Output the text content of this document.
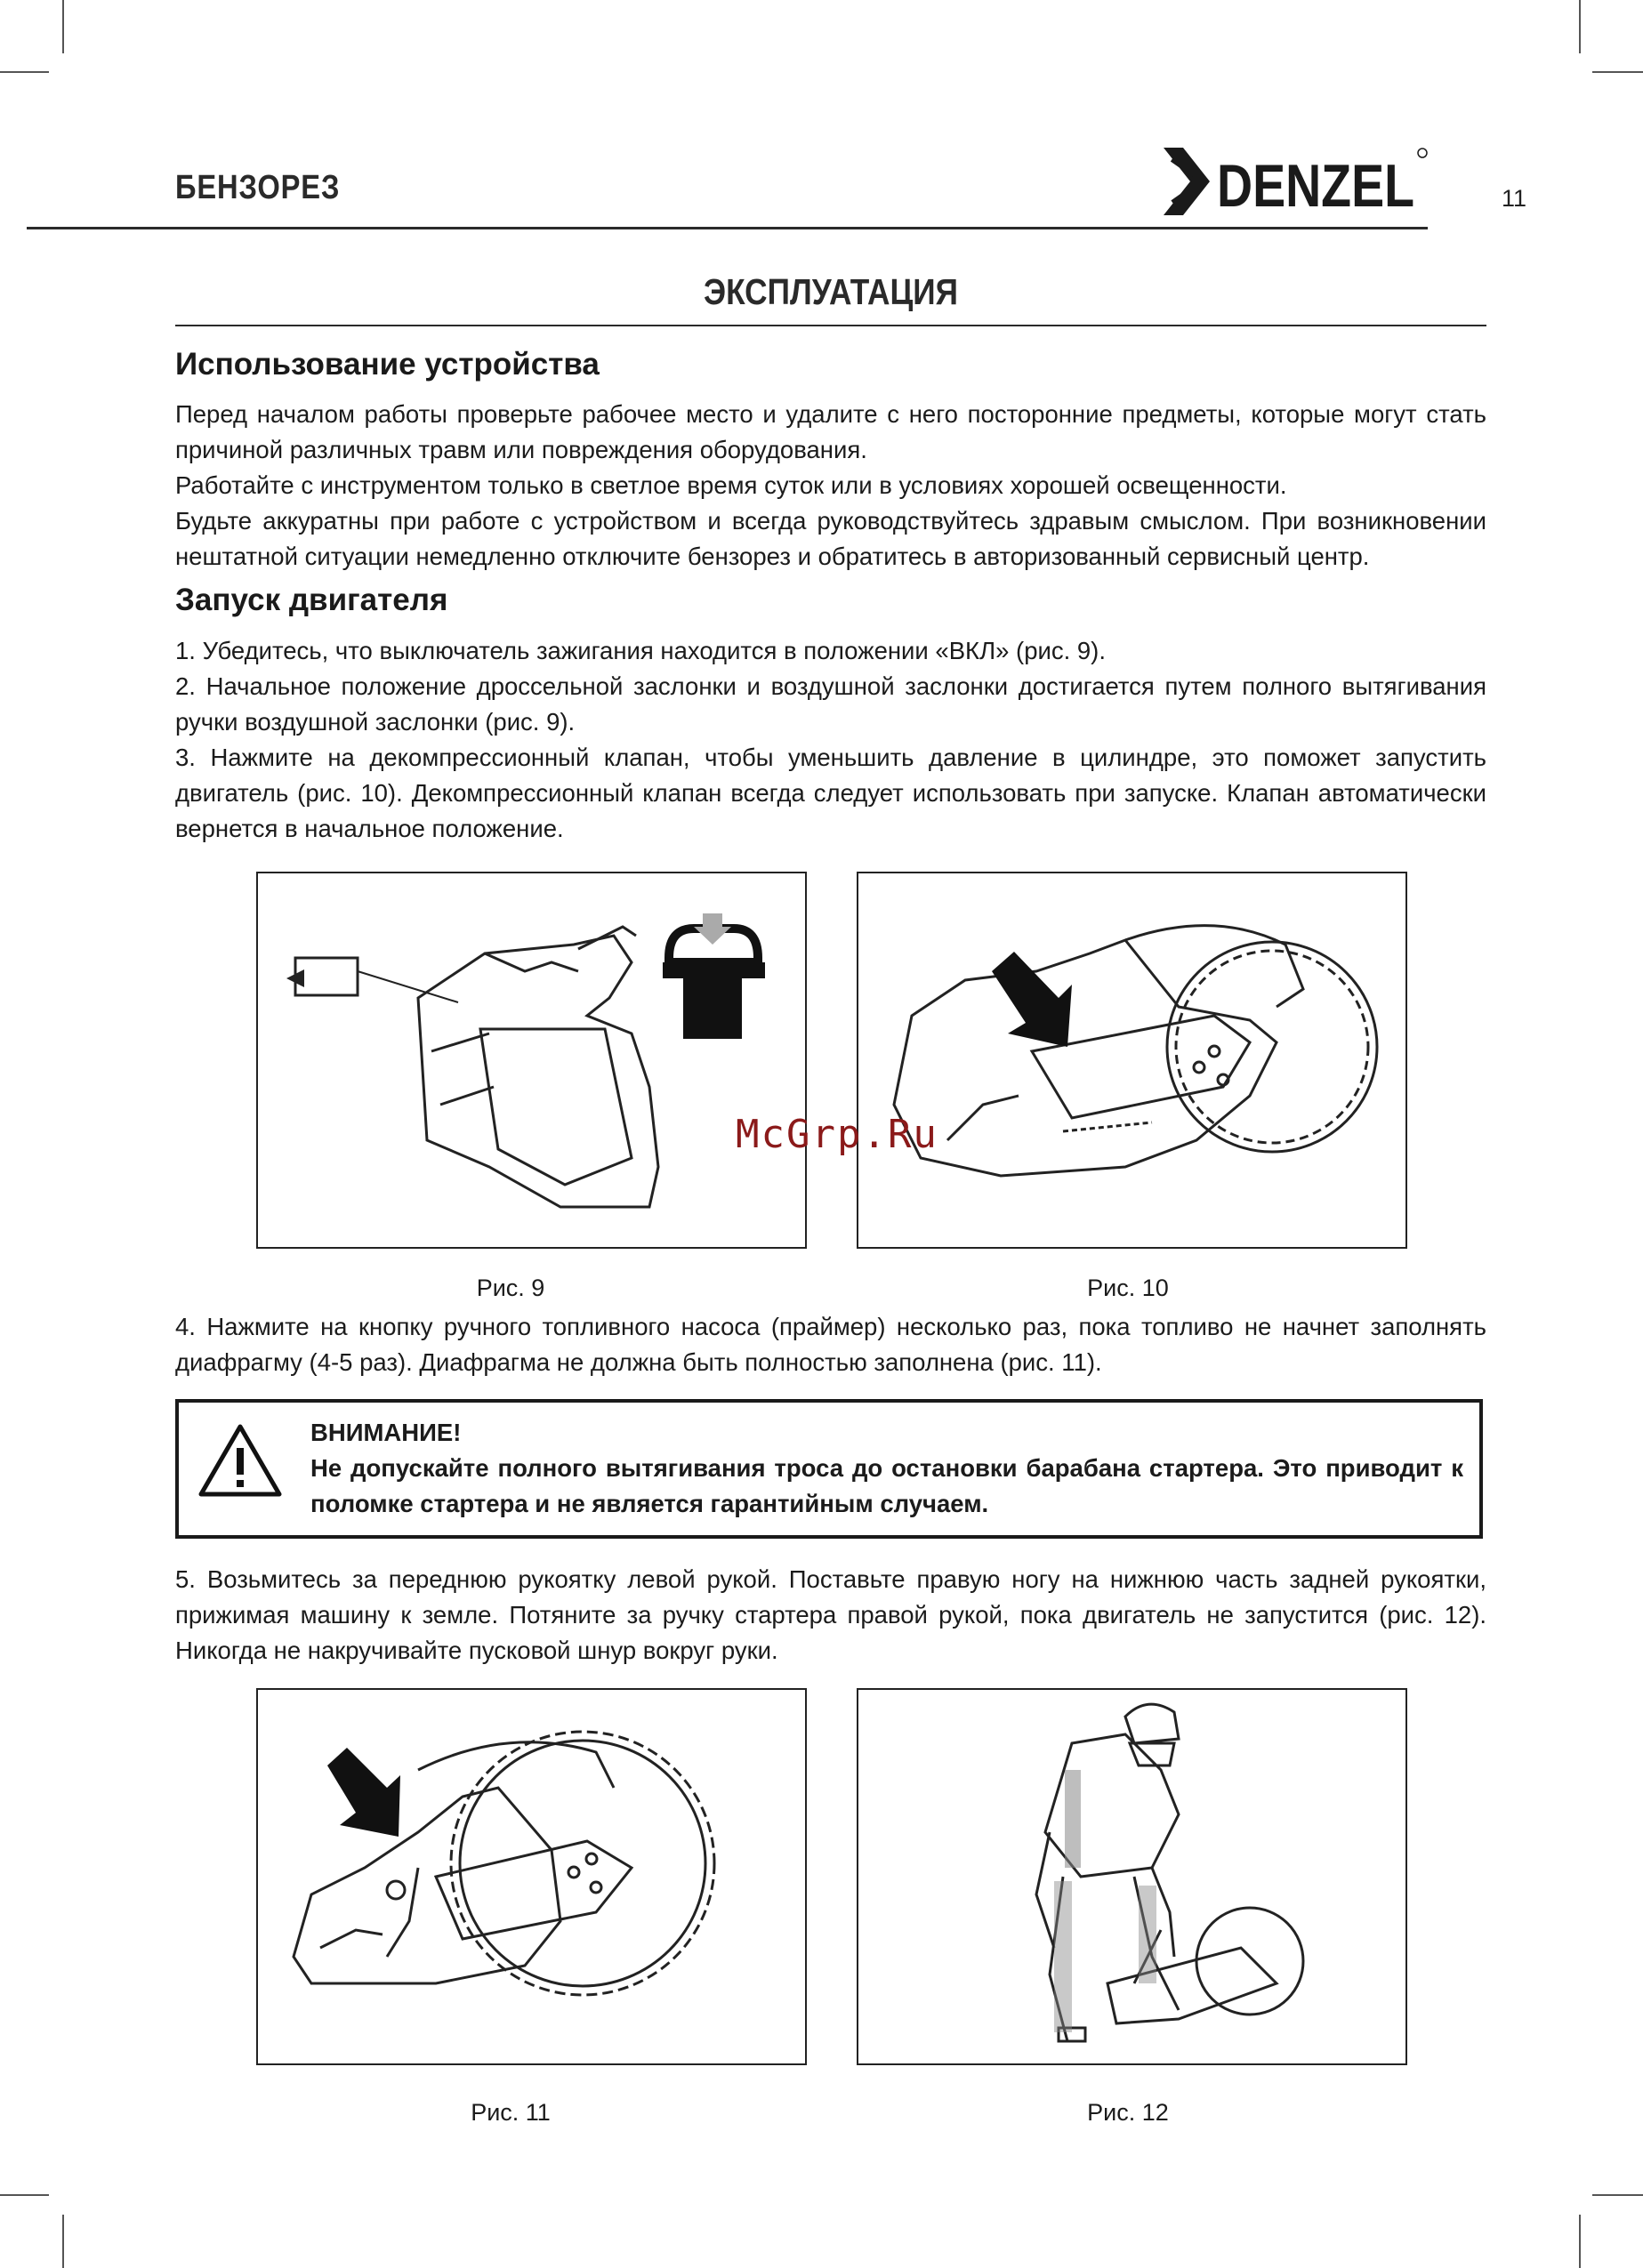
БЕНЗОРЕЗ	DENZEL	11
ЭКСПЛУАТАЦИЯ
Использование устройства

Перед началом работы проверьте рабочее место и удалите с него посторонние предметы, которые могут стать причиной различных травм или повреждения оборудования.

Работайте с инструментом только в светлое время суток или в условиях хорошей освещенности.

Будьте аккуратны при работе с устройством и всегда руководствуйтесь здравым смыслом. При возникновении нештатной ситуации немедленно отключите бензорез и обратитесь в авторизованный сервисный центр.

Запуск двигателя

1. Убедитесь, что выключатель зажигания находится в положении «ВКЛ» (рис. 9).

2. Начальное положение дроссельной заслонки и воздушной заслонки достигается путем полного вытягивания ручки воздушной заслонки (рис. 9).

3. Нажмите на декомпрессионный клапан, чтобы уменьшить давление в цилиндре, это поможет запустить двигатель (рис. 10). Декомпрессионный клапан всегда следует использовать при запуске. Клапан автоматически вернется в начальное положение.

Рис. 9	Рис. 10

4. Нажмите на кнопку ручного топливного насоса (праймер) несколько раз, пока топливо не начнет заполнять диафрагму (4-5 раз). Диафрагма не должна быть полностью заполнена (рис. 11).

ВНИМАНИЕ!
Не допускайте полного вытягивания троса до остановки барабана стартера. Это приводит к поломке стартера и не является гарантийным случаем.

5. Возьмитесь за переднюю рукоятку левой рукой. Поставьте правую ногу на нижнюю часть задней рукоятки, прижимая машину к земле. Потяните за ручку стартера правой рукой, пока двигатель не запустится (рис. 12). Никогда не накручивайте пусковой шнур вокруг руки.

Рис. 11	Рис. 12
McGrp.Ru
